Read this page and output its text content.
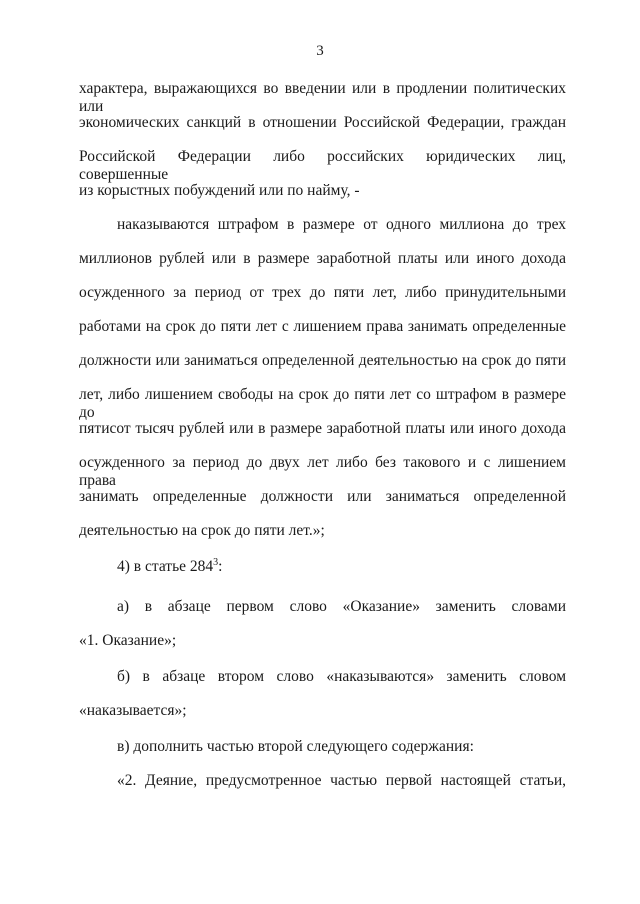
3
характера, выражающихся во введении или в продлении политических или
экономических санкций в отношении Российской Федерации, граждан
Российской Федерации либо российских юридических лиц, совершенные
из корыстных побуждений или по найму, -
наказываются штрафом в размере от одного миллиона до трех
миллионов рублей или в размере заработной платы или иного дохода
осужденного за период от трех до пяти лет, либо принудительными
работами на срок до пяти лет с лишением права занимать определенные
должности или заниматься определенной деятельностью на срок до пяти
лет, либо лишением свободы на срок до пяти лет со штрафом в размере до
пятисот тысяч рублей или в размере заработной платы или иного дохода
осужденного за период до двух лет либо без такового и с лишением права
занимать определенные должности или заниматься определенной
деятельностью на срок до пяти лет.»;
4) в статье $284^3$:
а) в абзаце первом слово «Оказание» заменить словами
«1. Оказание»;
б) в абзаце втором слово «наказываются» заменить словом
«наказывается»;
в) дополнить частью второй следующего содержания:
«2. Деяние, предусмотренное частью первой настоящей статьи,
